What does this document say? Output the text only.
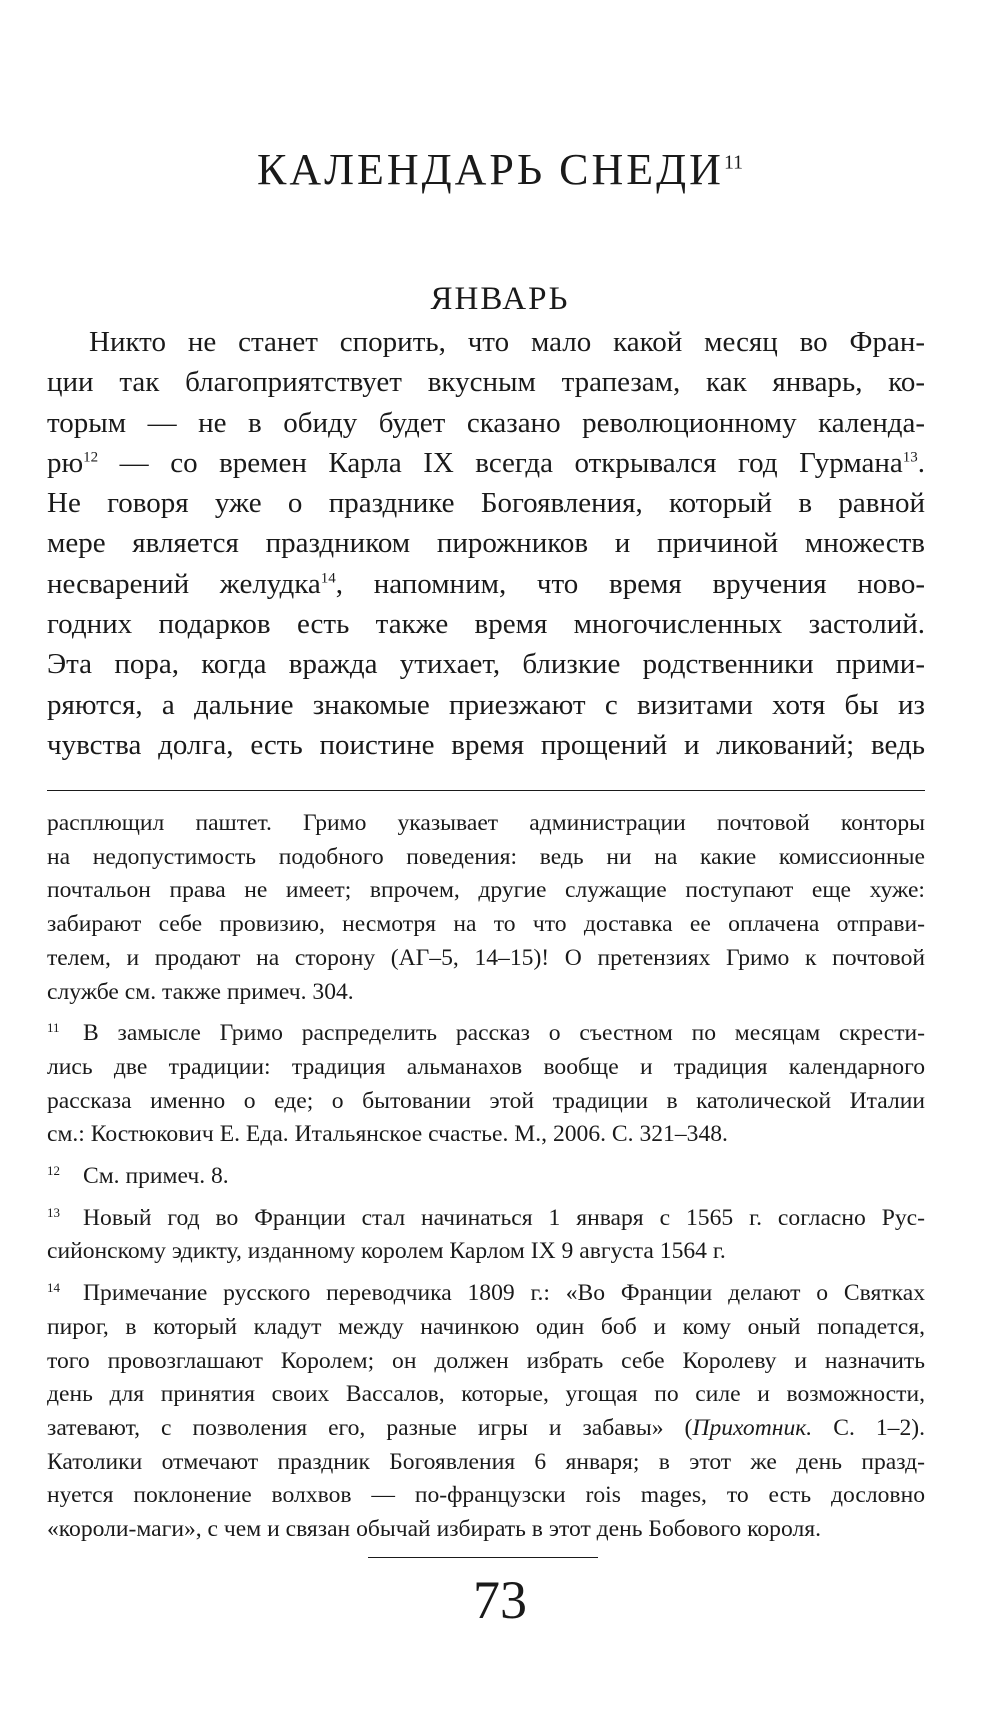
КАЛЕНДАРЬ СНЕДИ$^{11}$
ЯНВАРЬ
Никто не станет спорить, что мало какой месяц во Фран-
ции так благоприятствует вкусным трапезам, как январь, ко-
торым — не в обиду будет сказано революционному календа-
рю$^{12}$ — со времен Карла IX всегда открывался год Гурмана$^{13}$.
Не говоря уже о празднике Богоявления, который в равной
мере является праздником пирожников и причиной множеств
несварений желудка$^{14}$, напомним, что время вручения ново-
годних подарков есть также время многочисленных застолий.
Эта пора, когда вражда утихает, близкие родственники прими-
ряются, а дальние знакомые приезжают с визитами хотя бы из
чувства долга, есть поистине время прощений и ликований; ведь
расплющил паштет. Гримо указывает администрации почтовой конторы
на недопустимость подобного поведения: ведь ни на какие комиссионные
почтальон права не имеет; впрочем, другие служащие поступают еще хуже:
забирают себе провизию, несмотря на то что доставка ее оплачена отправи-
телем, и продают на сторону (АГ–5, 14–15)! О претензиях Гримо к почтовой
службе см. также примеч. 304.
11 В замысле Гримо распределить рассказ о съестном по месяцам скрести-
лись две традиции: традиция альманахов вообще и традиция календарного
рассказа именно о еде; о бытовании этой традиции в католической Италии
см.: Костюкович Е. Еда. Итальянское счастье. М., 2006. С. 321–348.
12 См. примеч. 8.
13 Новый год во Франции стал начинаться 1 января с 1565 г. согласно Рус-
сийонскому эдикту, изданному королем Карлом IX 9 августа 1564 г.
14 Примечание русского переводчика 1809 г.: «Во Франции делают о Святках
пирог, в который кладут между начинкою один боб и кому оный попадется,
того провозглашают Королем; он должен избрать себе Королеву и назначить
день для принятия своих Вассалов, которые, угощая по силе и возможности,
затевают, с позволения его, разные игры и забавы» (Прихотник. С. 1–2).
Католики отмечают праздник Богоявления 6 января; в этот же день празд-
нуется поклонение волхвов — по-французски rois mages, то есть дословно
«короли-маги», с чем и связан обычай избирать в этот день Бобового короля.
73
